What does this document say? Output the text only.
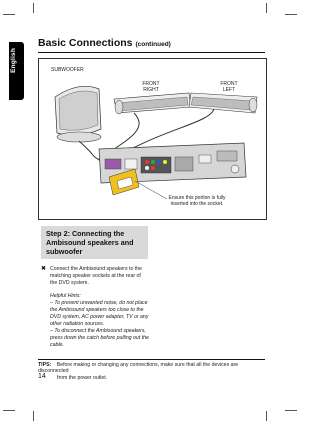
English
Basic Connections (continued)
SUBWOOFER
FRONT
RIGHT
FRONT
LEFT
Ensure this portion is fully
inserted into the socket.
Step 2: Connecting the
Ambisound speakers and
subwoofer
✖ Connect the Ambisound speakers to the
matching speaker sockets at the rear of
the DVD system.
Helpful Hints:
– To prevent unwanted noise, do not place
the Ambisound speakers too close to the
DVD system, AC power adapter, TV or any
other radiation sources.
– To disconnect the Ambisound speakers,
press down the catch before pulling out the
cable.
TIPS: Before making or changing any connections, make sure that all the devices are disconnected
from the power outlet.
14
